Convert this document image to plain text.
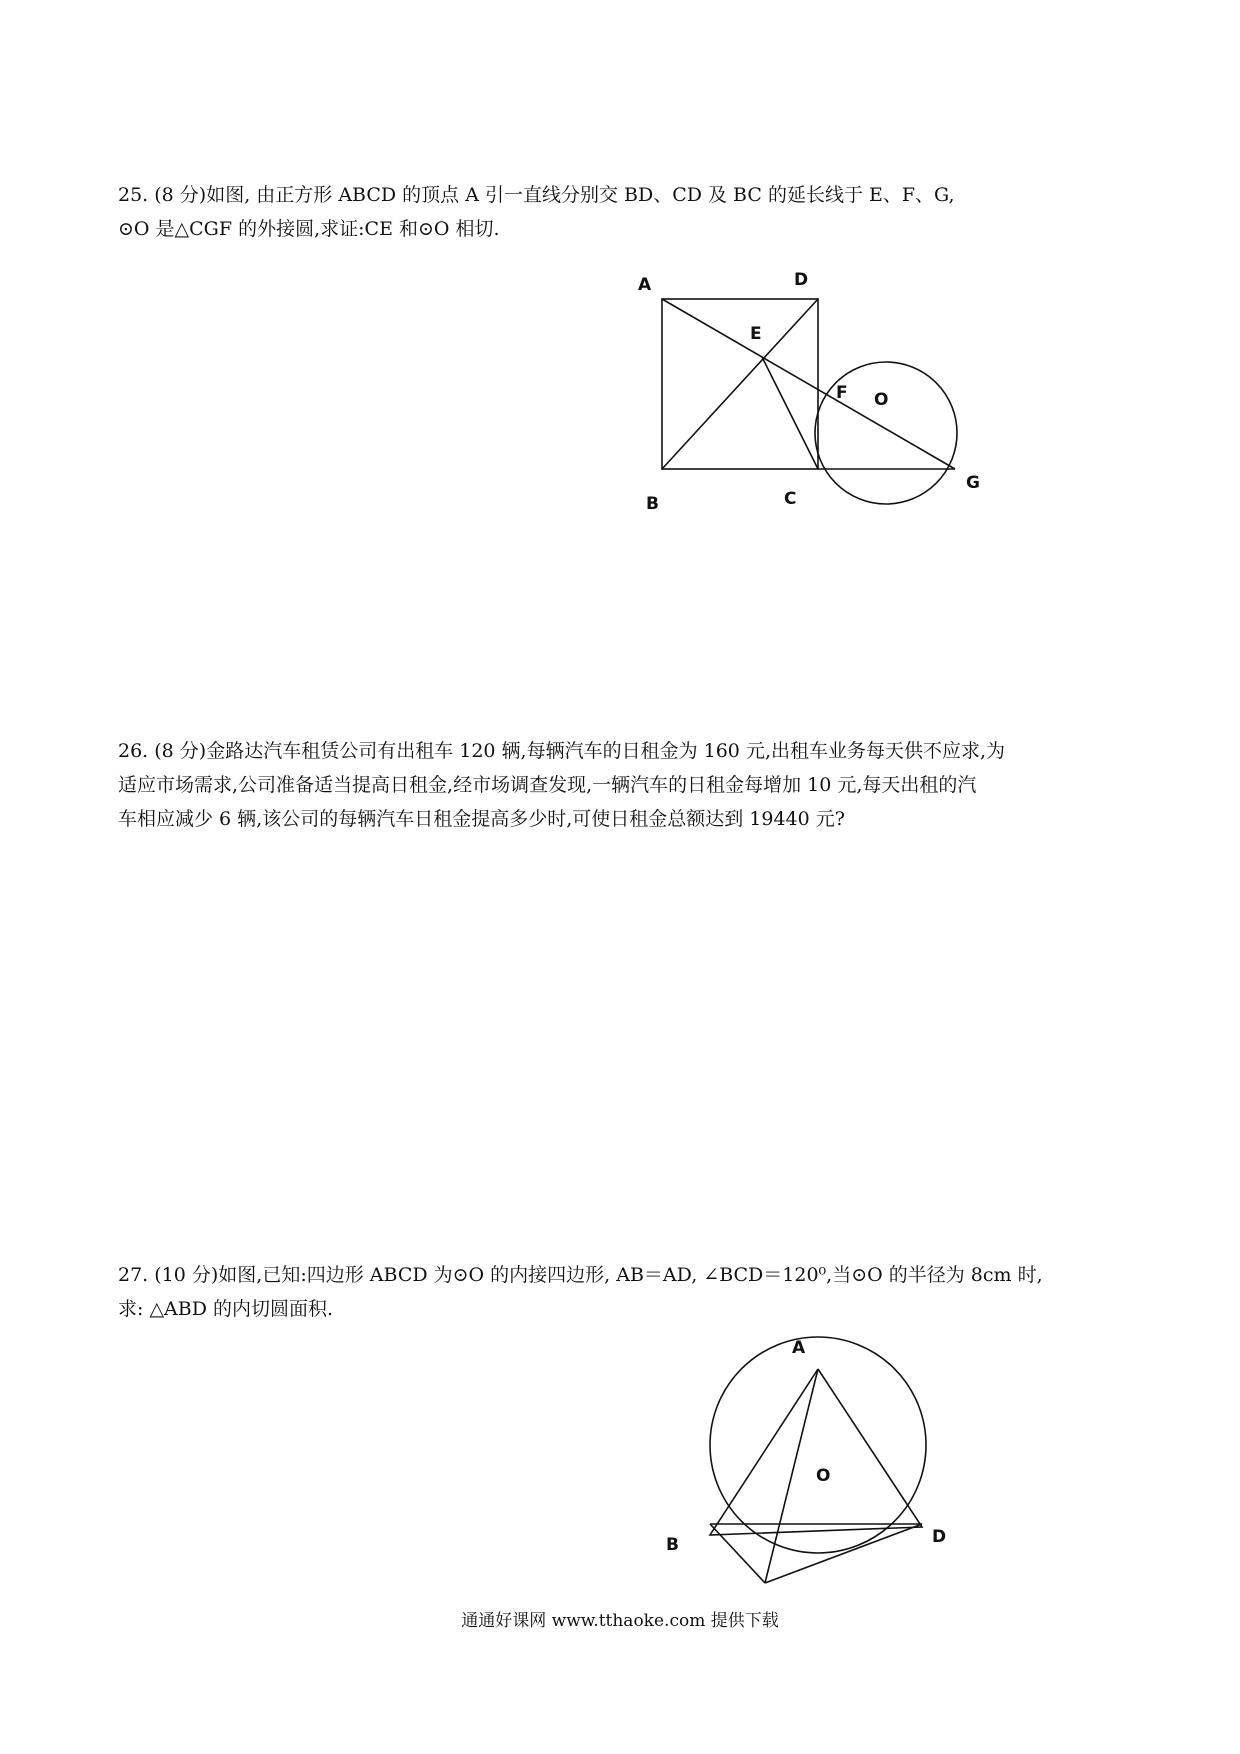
25. (8 分)如图, 由正方形 ABCD 的顶点 A 引一直线分别交 BD、CD 及 BC 的延长线于 E、F、G,

⊙O 是△CGF 的外接圆,求证:CE 和⊙O 相切.

A	D
E
F O
B	C
G

26. (8 分)金路达汽车租赁公司有出租车 120 辆,每辆汽车的日租金为 160 元,出租车业务每天供不应求,为

适应市场需求,公司准备适当提高日租金,经市场调查发现,一辆汽车的日租金每增加 10 元,每天出租的汽

车相应减少 6 辆,该公司的每辆汽车日租金提高多少时,可使日租金总额达到 19440 元?

27. (10 分)如图,已知:四边形 ABCD 为⊙O 的内接四边形, AB＝AD, ∠BCD＝120⁰,当⊙O 的半径为 8cm 时,

求: △ABD 的内切圆面积.

A
O
B	D
通通好课网 www.tthaoke.com 提供下载
